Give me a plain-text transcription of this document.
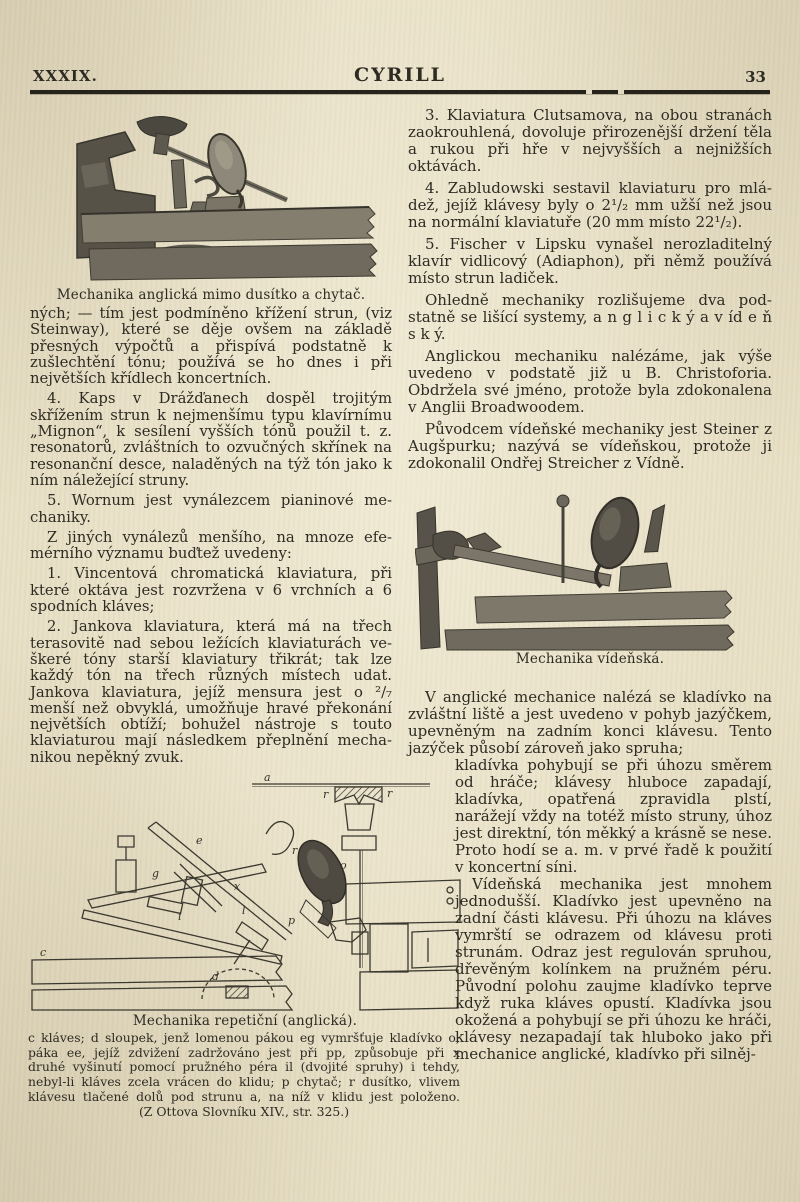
XXXIX.	CYRILL	33
Mechanika anglická mimo dusítko a chytač.

ných; — tím jest podmíněno křížení strun, (viz Steinway), které se děje ovšem na základě přesných výpočtů a přispívá podstatně k zušlechtění tónu; používá se ho dnes i při největších křídlech koncertních.

4. Kaps v Drážďanech dospěl trojitým skřížením strun k nejmenšímu typu klavírnímu „Mignon“, k sesílení vyšších tónů použil t. z. resonatorů, zvláštních to ozvučných skřínek na resonanční desce, naladěných na týž tón jako k ním náležející struny.

5. Wornum jest vynálezcem pianinové mechaniky.

Z jiných vynálezů menšího, na mnoze efemérního významu buďtež uvedeny:

1. Vincentová chromatická klaviatura, při které oktáva jest rozvržena v 6 vrchních a 6 spodních kláves;

2. Jankova klaviatura, která má na třech terasovitě nad sebou ležících klaviaturách veškeré tóny starší klaviatury třikrát; tak lze každý tón na třech různých místech udat. Jankova klaviatura, jejíž mensura jest o ²/₇ menší než obvyklá, umožňuje hravé překonání největších obtíží; bohužel nástroje s touto klaviaturou mají následkem přeplnění mechanikou nepěkný zvuk.

a
r	r
r
o
e
g
x
i	l
p
d
c
Mechanika repetiční (anglická).
c kláves; d sloupek, jenž lomenou pákou eg vymršťuje kladívko o;
páka ee, jejíž zdvižení zadržováno jest při pp, způsobuje při x
druhé vyšinutí pomocí pružného péra il (dvojité spruhy) i tehdy,
nebyl-li kláves zcela vrácen do klidu; p chytač; r dusítko, vlivem
klávesu tlačené dolů pod strunu a, na níž v klidu jest položeno.
(Z Ottova Slovníku XIV., str. 325.)

3. Klaviatura Clutsamova, na obou stranách zaokrouhlená, dovoluje přirozenější držení těla a rukou při hře v nejvyšších a nejnižších oktávách.

4. Zabludowski sestavil klaviaturu pro mládež, jejíž klávesy byly o 2¹/₂ mm užší než jsou na normální klaviatuře (20 mm místo 22¹/₂).

5. Fischer v Lipsku vynašel nerozladitelný klavír vidlicový (Adiaphon), při němž používá místo strun ladiček.

Ohledně mechaniky rozlišujeme dva podstatně se lišící systemy, a n g l i c k ý a v íd e ň s k ý.

Anglickou mechaniku nalézáme, jak výše uvedeno v podstatě již u B. Christoforia. Obdržela své jméno, protože byla zdokonalena v Anglii Broadwoodem.

Původcem vídeňské mechaniky jest Steiner z Augšpurku; nazývá se vídeňskou, protože ji zdokonalil Ondřej Streicher z Vídně.

Mechanika vídeňská.

V anglické mechanice nalézá se kladívko na zvláštní liště a jest uvedeno v pohyb jazýčkem, upevněným na zadním konci klávesu. Tento jazýček působí zároveň jako spruha;

kladívka pohybují se při úhozu směrem od hráče; klávesy hluboce zapadají, kladívka, opatřená zpravidla plstí, narážejí vždy na totéž místo struny, úhoz jest direktní, tón měkký a krásně se nese. Proto hodí se a. m. v prvé řadě k použití v koncertní síni.

Vídeňská mechanika jest mnohem jednodušší. Kladívko jest upevněno na zadní části klávesu. Při úhozu na kláves vymrští se odrazem od klávesu proti strunám. Odraz jest regulován spruhou, dřevěným kolínkem na pružném péru. Původní polohu zaujme kladívko teprve když ruka kláves opustí. Kladívka jsou okožená a pohybují se při úhozu ke hráči, klávesy nezapadají tak hluboko jako při mechanice anglické, kladívko při silněj-
